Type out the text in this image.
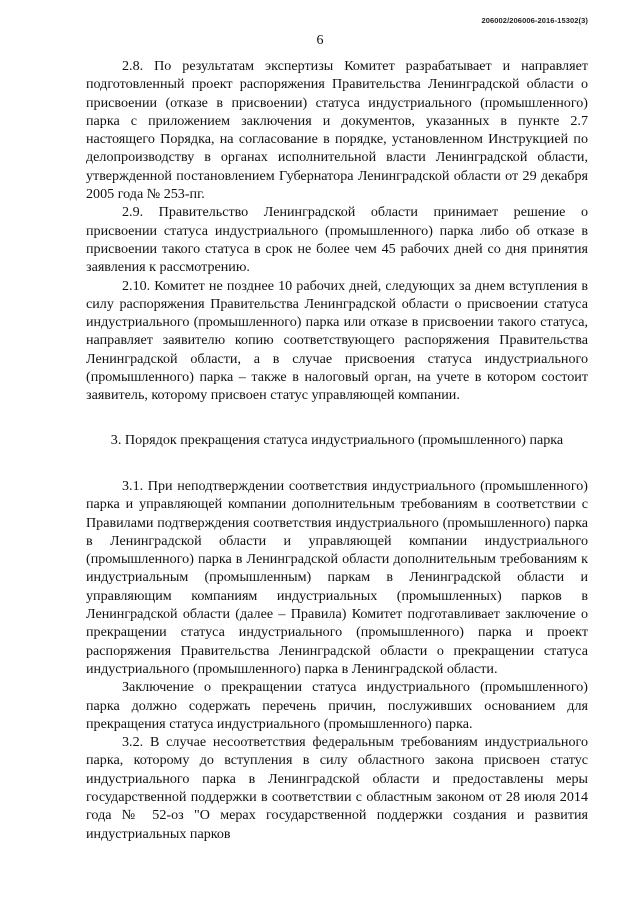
206002/206006-2016-15302(3)
6

2.8. По результатам экспертизы Комитет разрабатывает и направляет подготовленный проект распоряжения Правительства Ленинградской области о присвоении (отказе в присвоении) статуса индустриального (промышленного) парка с приложением заключения и документов, указанных в пункте 2.7 настоящего Порядка, на согласование в порядке, установленном Инструкцией по делопроизводству в органах исполнительной власти Ленинградской области, утвержденной постановлением Губернатора Ленинградской области от 29 декабря 2005 года № 253-пг.

2.9. Правительство Ленинградской области принимает решение о присвоении статуса индустриального (промышленного) парка либо об отказе в присвоении такого статуса в срок не более чем 45 рабочих дней со дня принятия заявления к рассмотрению.

2.10. Комитет не позднее 10 рабочих дней, следующих за днем вступления в силу распоряжения Правительства Ленинградской области о присвоении статуса индустриального (промышленного) парка или отказе в присвоении такого статуса, направляет заявителю копию соответствующего распоряжения Правительства Ленинградской области, а в случае присвоения статуса индустриального (промышленного) парка – также в налоговый орган, на учете в котором состоит заявитель, которому присвоен статус управляющей компании.

3. Порядок прекращения статуса индустриального (промышленного) парка

3.1. При неподтверждении соответствия индустриального (промышленного) парка и управляющей компании дополнительным требованиям в соответствии с Правилами подтверждения соответствия индустриального (промышленного) парка в Ленинградской области и управляющей компании индустриального (промышленного) парка в Ленинградской области дополнительным требованиям к индустриальным (промышленным) паркам в Ленинградской области и управляющим компаниям индустриальных (промышленных) парков в Ленинградской области (далее – Правила) Комитет подготавливает заключение о прекращении статуса индустриального (промышленного) парка и проект распоряжения Правительства Ленинградской области о прекращении статуса индустриального (промышленного) парка в Ленинградской области.

Заключение о прекращении статуса индустриального (промышленного) парка должно содержать перечень причин, послуживших основанием для прекращения статуса индустриального (промышленного) парка.

3.2. В случае несоответствия федеральным требованиям индустриального парка, которому до вступления в силу областного закона присвоен статус индустриального парка в Ленинградской области и предоставлены меры государственной поддержки в соответствии с областным законом от 28 июля 2014 года № 52-оз "О мерах государственной поддержки создания и развития индустриальных парков
